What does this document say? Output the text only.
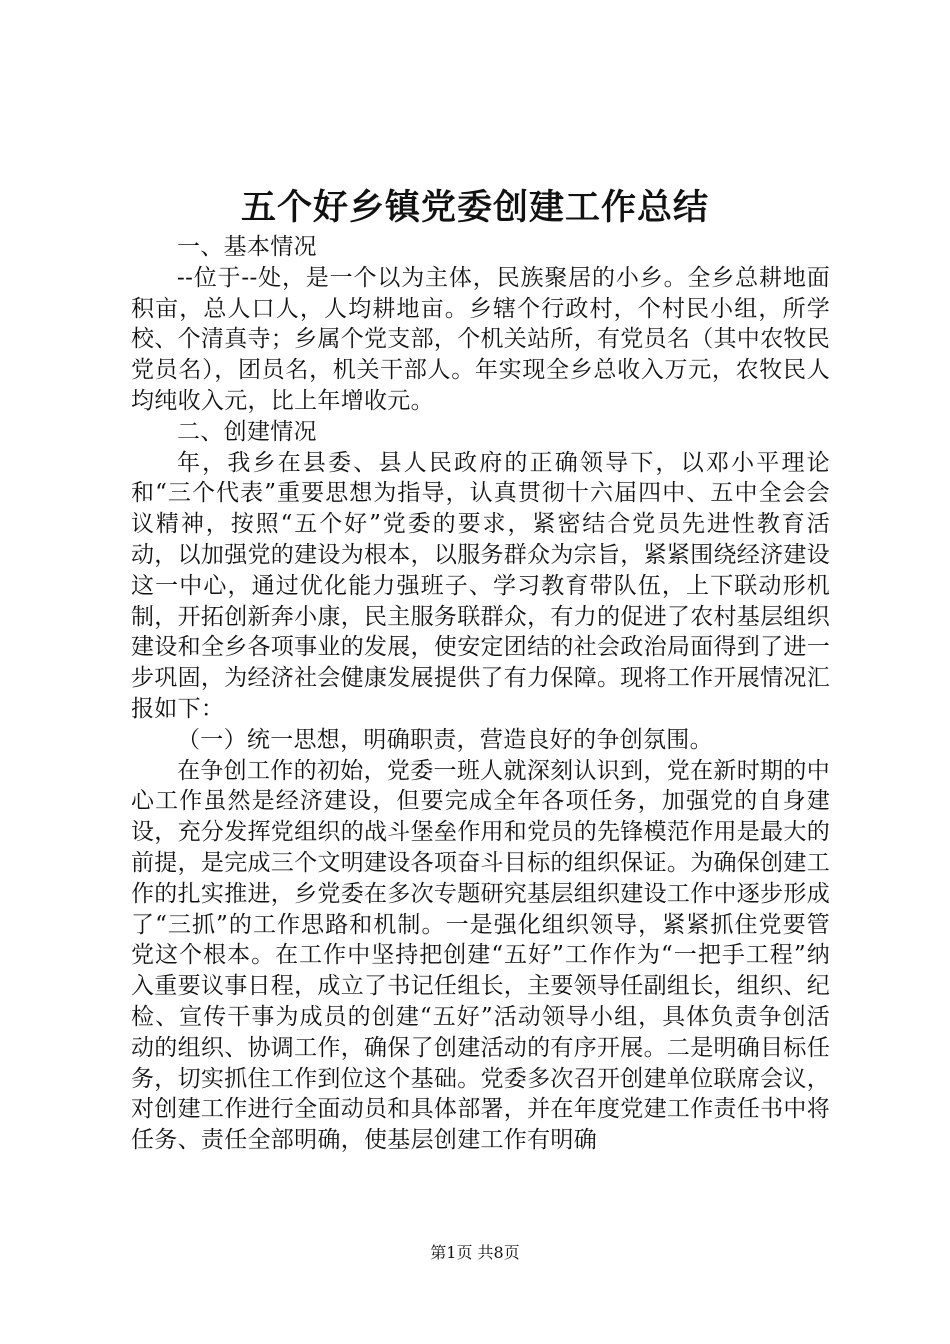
五个好乡镇党委创建工作总结

一、基本情况

--位于--处，是一个以为主体，民族聚居的小乡。全乡总耕地面积亩，总人口人，人均耕地亩。乡辖个行政村，个村民小组，所学校、个清真寺；乡属个党支部，个机关站所，有党员名（其中农牧民党员名），团员名，机关干部人。年实现全乡总收入万元，农牧民人均纯收入元，比上年增收元。

二、创建情况

年，我乡在县委、县人民政府的正确领导下，以邓小平理论和“三个代表”重要思想为指导，认真贯彻十六届四中、五中全会会议精神，按照“五个好”党委的要求，紧密结合党员先进性教育活动，以加强党的建设为根本，以服务群众为宗旨，紧紧围绕经济建设这一中心，通过优化能力强班子、学习教育带队伍，上下联动形机制，开拓创新奔小康，民主服务联群众，有力的促进了农村基层组织建设和全乡各项事业的发展，使安定团结的社会政治局面得到了进一步巩固，为经济社会健康发展提供了有力保障。现将工作开展情况汇报如下：

（一）统一思想，明确职责，营造良好的争创氛围。

在争创工作的初始，党委一班人就深刻认识到，党在新时期的中心工作虽然是经济建设，但要完成全年各项任务，加强党的自身建设，充分发挥党组织的战斗堡垒作用和党员的先锋模范作用是最大的前提，是完成三个文明建设各项奋斗目标的组织保证。为确保创建工作的扎实推进，乡党委在多次专题研究基层组织建设工作中逐步形成了“三抓”的工作思路和机制。一是强化组织领导，紧紧抓住党要管党这个根本。在工作中坚持把创建“五好”工作作为“一把手工程”纳入重要议事日程，成立了书记任组长，主要领导任副组长，组织、纪检、宣传干事为成员的创建“五好”活动领导小组，具体负责争创活动的组织、协调工作，确保了创建活动的有序开展。二是明确目标任务，切实抓住工作到位这个基础。党委多次召开创建单位联席会议，对创建工作进行全面动员和具体部署，并在年度党建工作责任书中将任务、责任全部明确，使基层创建工作有明确

第1页 共8页
